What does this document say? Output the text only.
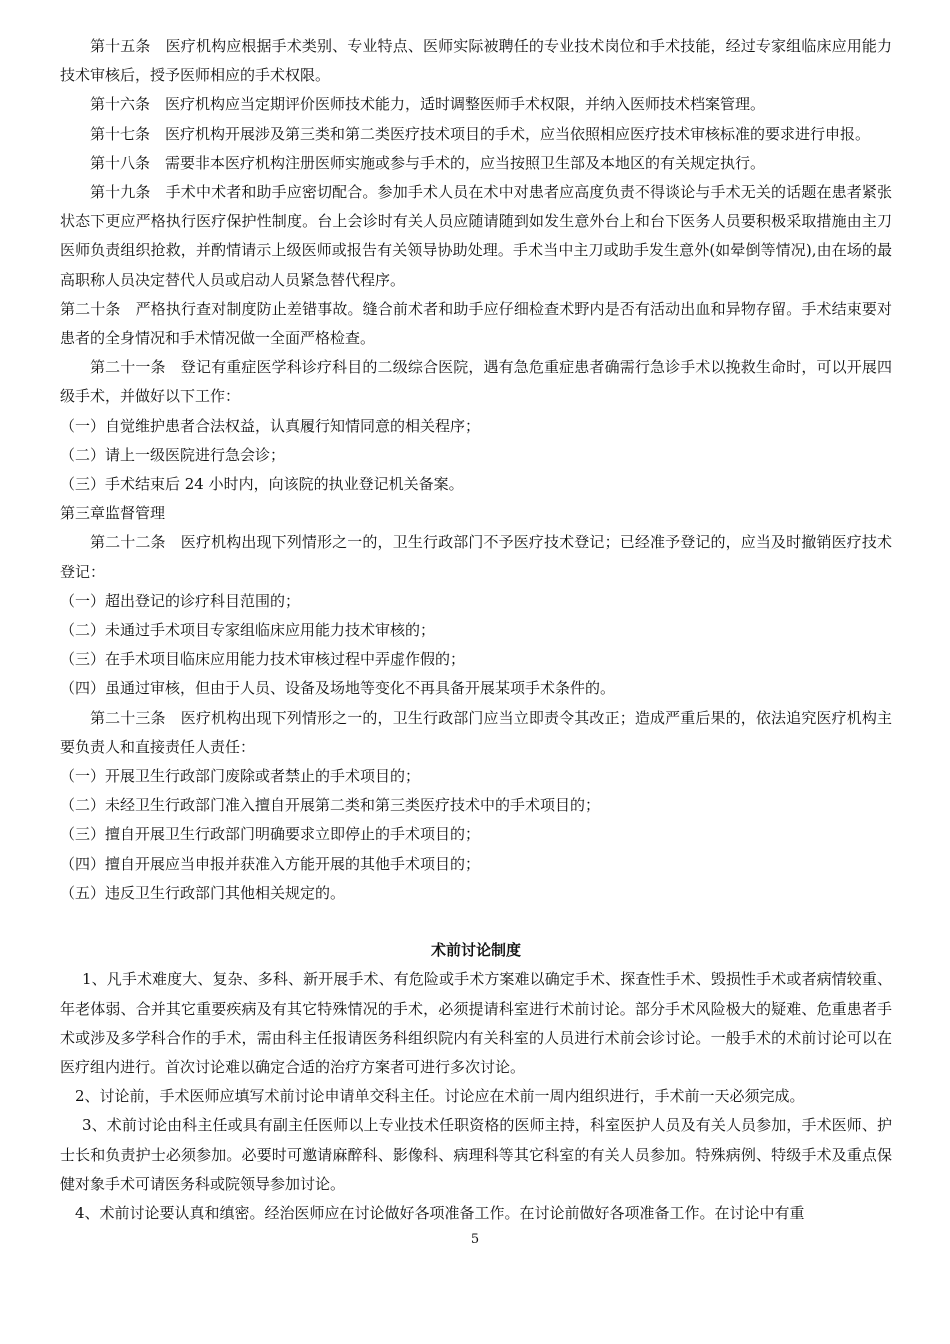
第十五条　医疗机构应根据手术类别、专业特点、医师实际被聘任的专业技术岗位和手术技能，经过专家组临床应用能力技术审核后，授予医师相应的手术权限。

第十六条　医疗机构应当定期评价医师技术能力，适时调整医师手术权限，并纳入医师技术档案管理。

第十七条　医疗机构开展涉及第三类和第二类医疗技术项目的手术，应当依照相应医疗技术审核标准的要求进行申报。

第十八条　需要非本医疗机构注册医师实施或参与手术的，应当按照卫生部及本地区的有关规定执行。

第十九条　手术中术者和助手应密切配合。参加手术人员在术中对患者应高度负责不得谈论与手术无关的话题在患者紧张状态下更应严格执行医疗保护性制度。台上会诊时有关人员应随请随到如发生意外台上和台下医务人员要积极采取措施由主刀医师负责组织抢救，并酌情请示上级医师或报告有关领导协助处理。手术当中主刀或助手发生意外(如晕倒等情况),由在场的最高职称人员决定替代人员或启动人员紧急替代程序。

第二十条　严格执行查对制度防止差错事故。缝合前术者和助手应仔细检查术野内是否有活动出血和异物存留。手术结束要对患者的全身情况和手术情况做一全面严格检查。

第二十一条　登记有重症医学科诊疗科目的二级综合医院，遇有急危重症患者确需行急诊手术以挽救生命时，可以开展四级手术，并做好以下工作：

（一）自觉维护患者合法权益，认真履行知情同意的相关程序；

（二）请上一级医院进行急会诊；

（三）手术结束后 24 小时内，向该院的执业登记机关备案。

第三章监督管理

第二十二条　医疗机构出现下列情形之一的，卫生行政部门不予医疗技术登记；已经准予登记的，应当及时撤销医疗技术登记：

（一）超出登记的诊疗科目范围的；

（二）未通过手术项目专家组临床应用能力技术审核的；

（三）在手术项目临床应用能力技术审核过程中弄虚作假的；

（四）虽通过审核，但由于人员、设备及场地等变化不再具备开展某项手术条件的。

第二十三条　医疗机构出现下列情形之一的，卫生行政部门应当立即责令其改正；造成严重后果的，依法追究医疗机构主要负责人和直接责任人责任：

（一）开展卫生行政部门废除或者禁止的手术项目的；

（二）未经卫生行政部门准入擅自开展第二类和第三类医疗技术中的手术项目的；

（三）擅自开展卫生行政部门明确要求立即停止的手术项目的；

（四）擅自开展应当申报并获准入方能开展的其他手术项目的；

（五）违反卫生行政部门其他相关规定的。

术前讨论制度

1、凡手术难度大、复杂、多科、新开展手术、有危险或手术方案难以确定手术、探查性手术、毁损性手术或者病情较重、年老体弱、合并其它重要疾病及有其它特殊情况的手术，必须提请科室进行术前讨论。部分手术风险极大的疑难、危重患者手术或涉及多学科合作的手术，需由科主任报请医务科组织院内有关科室的人员进行术前会诊讨论。一般手术的术前讨论可以在医疗组内进行。首次讨论难以确定合适的治疗方案者可进行多次讨论。

2、讨论前，手术医师应填写术前讨论申请单交科主任。讨论应在术前一周内组织进行，手术前一天必须完成。

3、术前讨论由科主任或具有副主任医师以上专业技术任职资格的医师主持，科室医护人员及有关人员参加，手术医师、护士长和负责护士必须参加。必要时可邀请麻醉科、影像科、病理科等其它科室的有关人员参加。特殊病例、特级手术及重点保健对象手术可请医务科或院领导参加讨论。

4、术前讨论要认真和缜密。经治医师应在讨论做好各项准备工作。在讨论前做好各项准备工作。在讨论中有重

5
